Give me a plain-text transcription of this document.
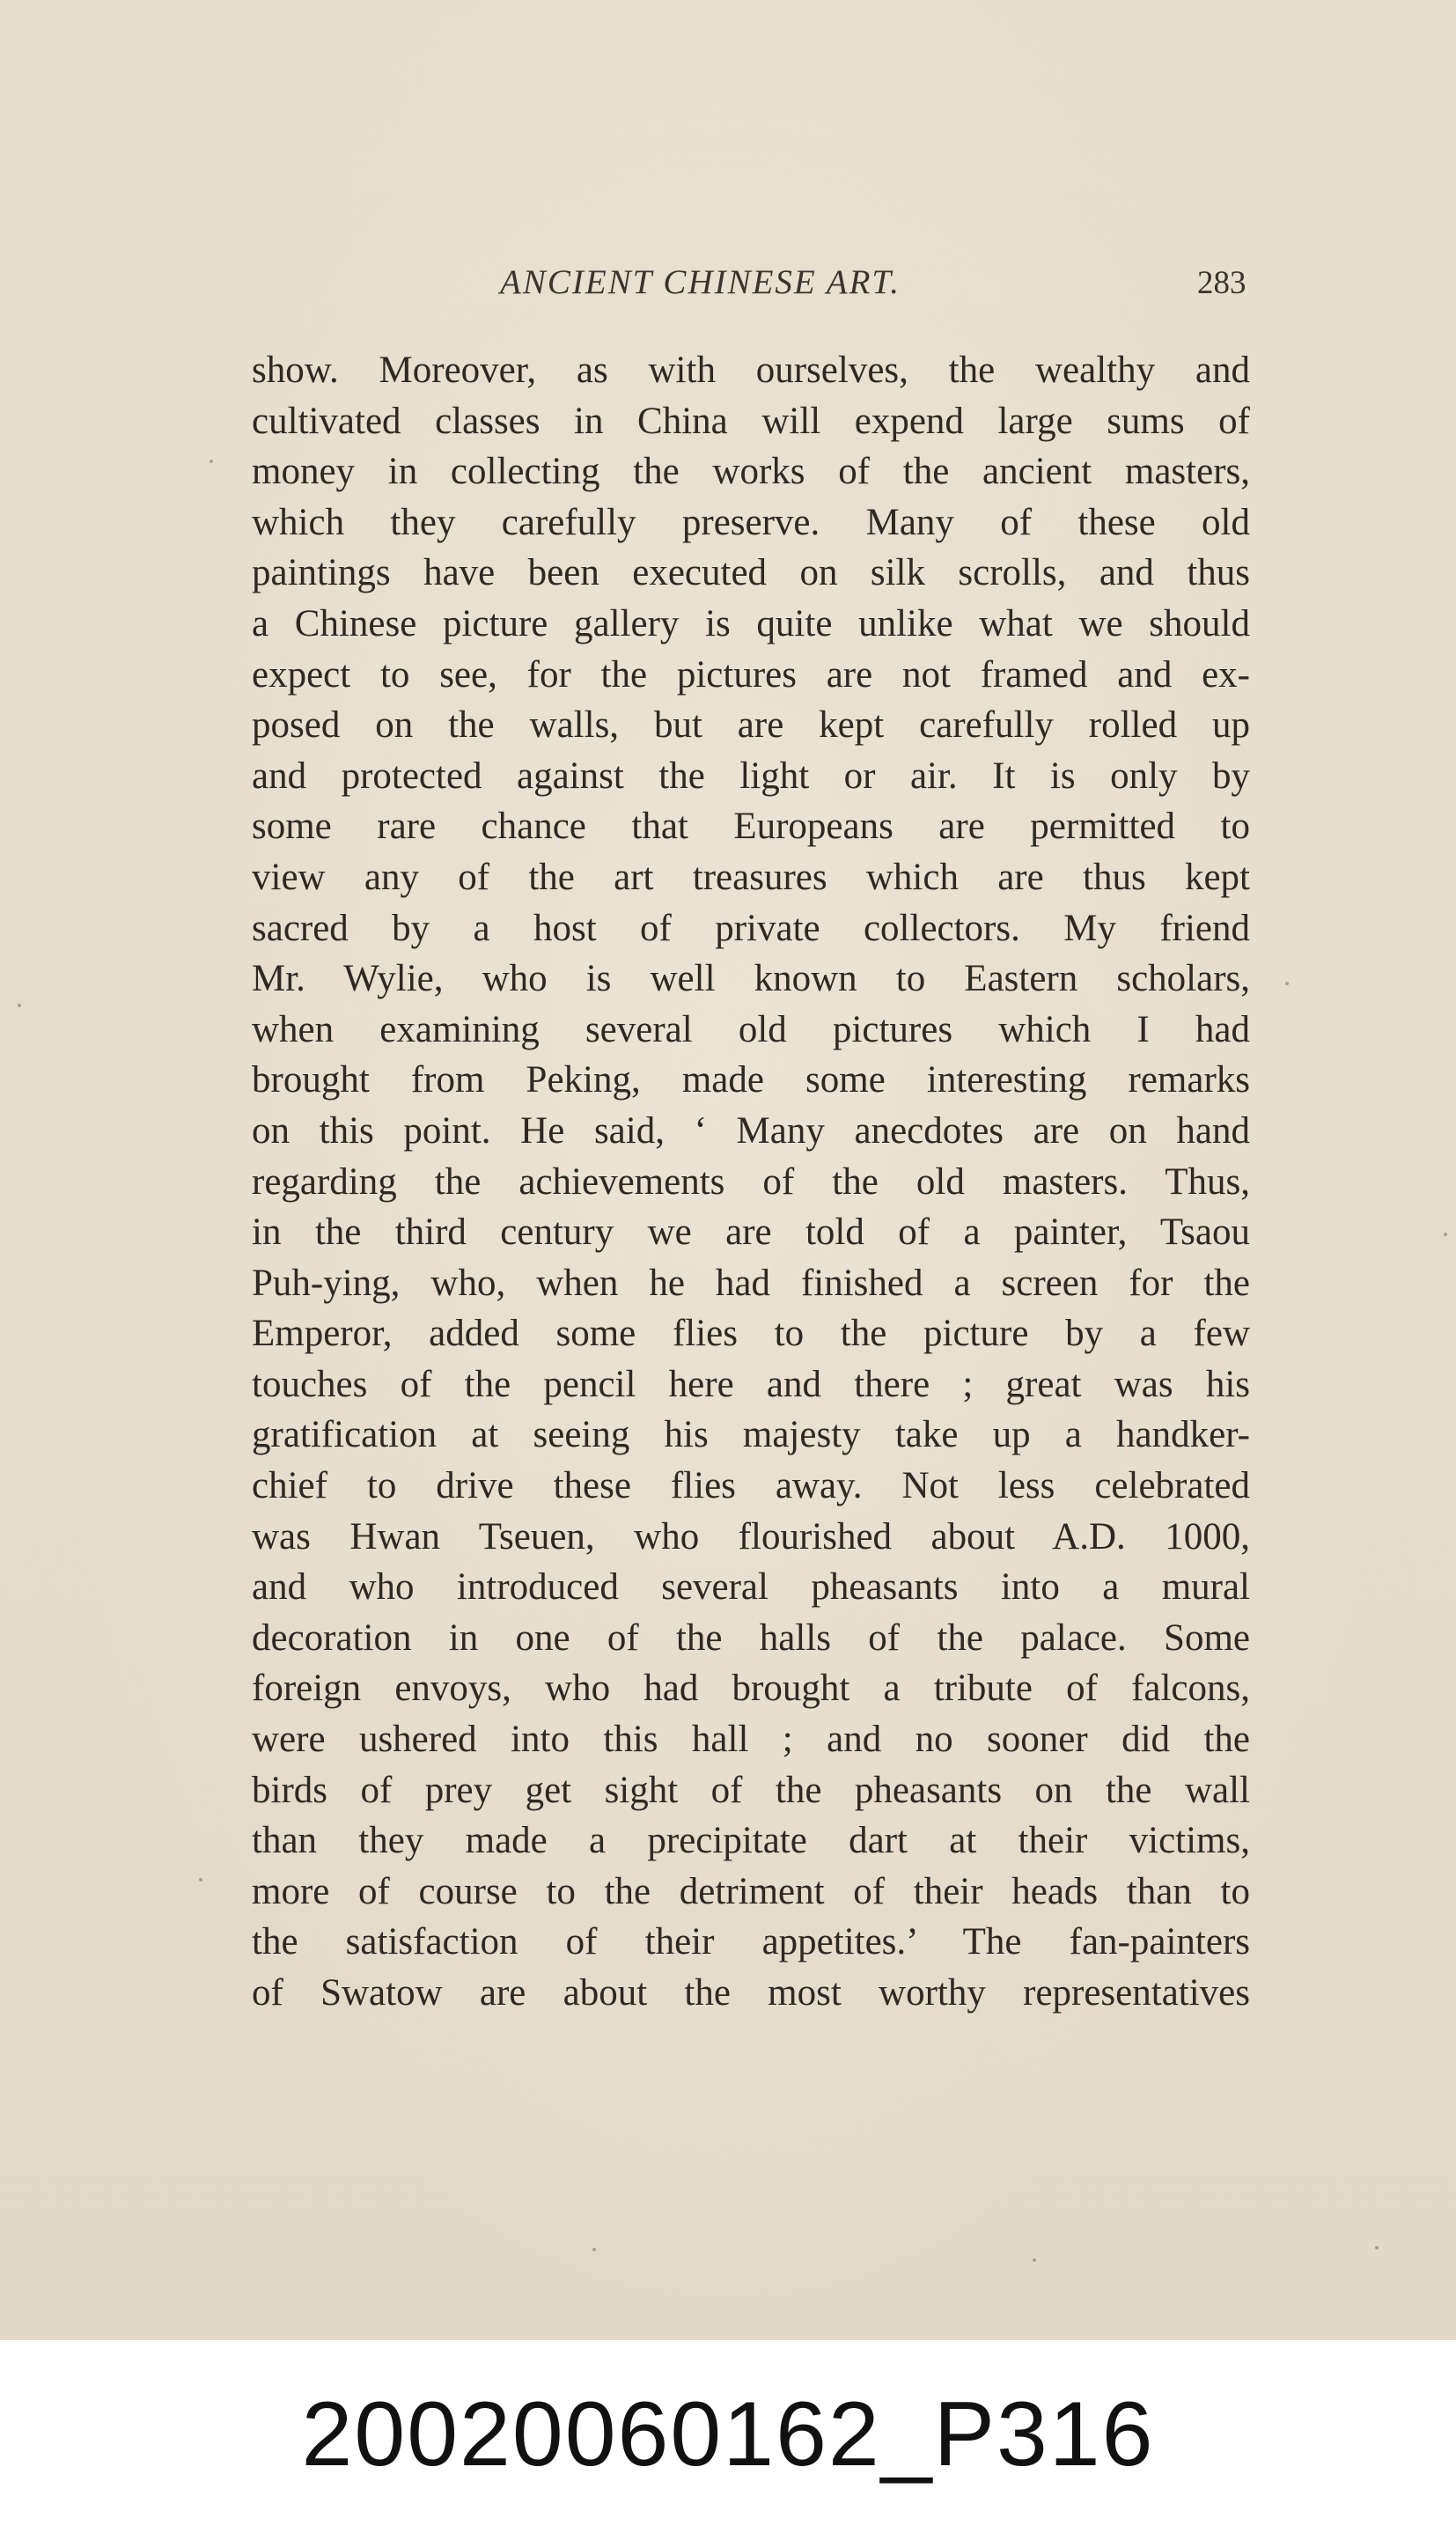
ANCIENT CHINESE ART.	283
show. Moreover, as with ourselves, the wealthy and
cultivated classes in China will expend large sums of
money in collecting the works of the ancient masters,
which they carefully preserve. Many of these old
paintings have been executed on silk scrolls, and thus
a Chinese picture gallery is quite unlike what we should
expect to see, for the pictures are not framed and ex-
posed on the walls, but are kept carefully rolled up
and protected against the light or air. It is only by
some rare chance that Europeans are permitted to
view any of the art treasures which are thus kept
sacred by a host of private collectors. My friend
Mr. Wylie, who is well known to Eastern scholars,
when examining several old pictures which I had
brought from Peking, made some interesting remarks
on this point. He said, ‘ Many anecdotes are on hand
regarding the achievements of the old masters. Thus,
in the third century we are told of a painter, Tsaou
Puh-ying, who, when he had finished a screen for the
Emperor, added some flies to the picture by a few
touches of the pencil here and there ; great was his
gratification at seeing his majesty take up a handker-
chief to drive these flies away. Not less celebrated
was Hwan Tseuen, who flourished about A.D. 1000,
and who introduced several pheasants into a mural
decoration in one of the halls of the palace. Some
foreign envoys, who had brought a tribute of falcons,
were ushered into this hall ; and no sooner did the
birds of prey get sight of the pheasants on the wall
than they made a precipitate dart at their victims,
more of course to the detriment of their heads than to
the satisfaction of their appetites.’ The fan-painters
of Swatow are about the most worthy representatives
20020060162_P316
